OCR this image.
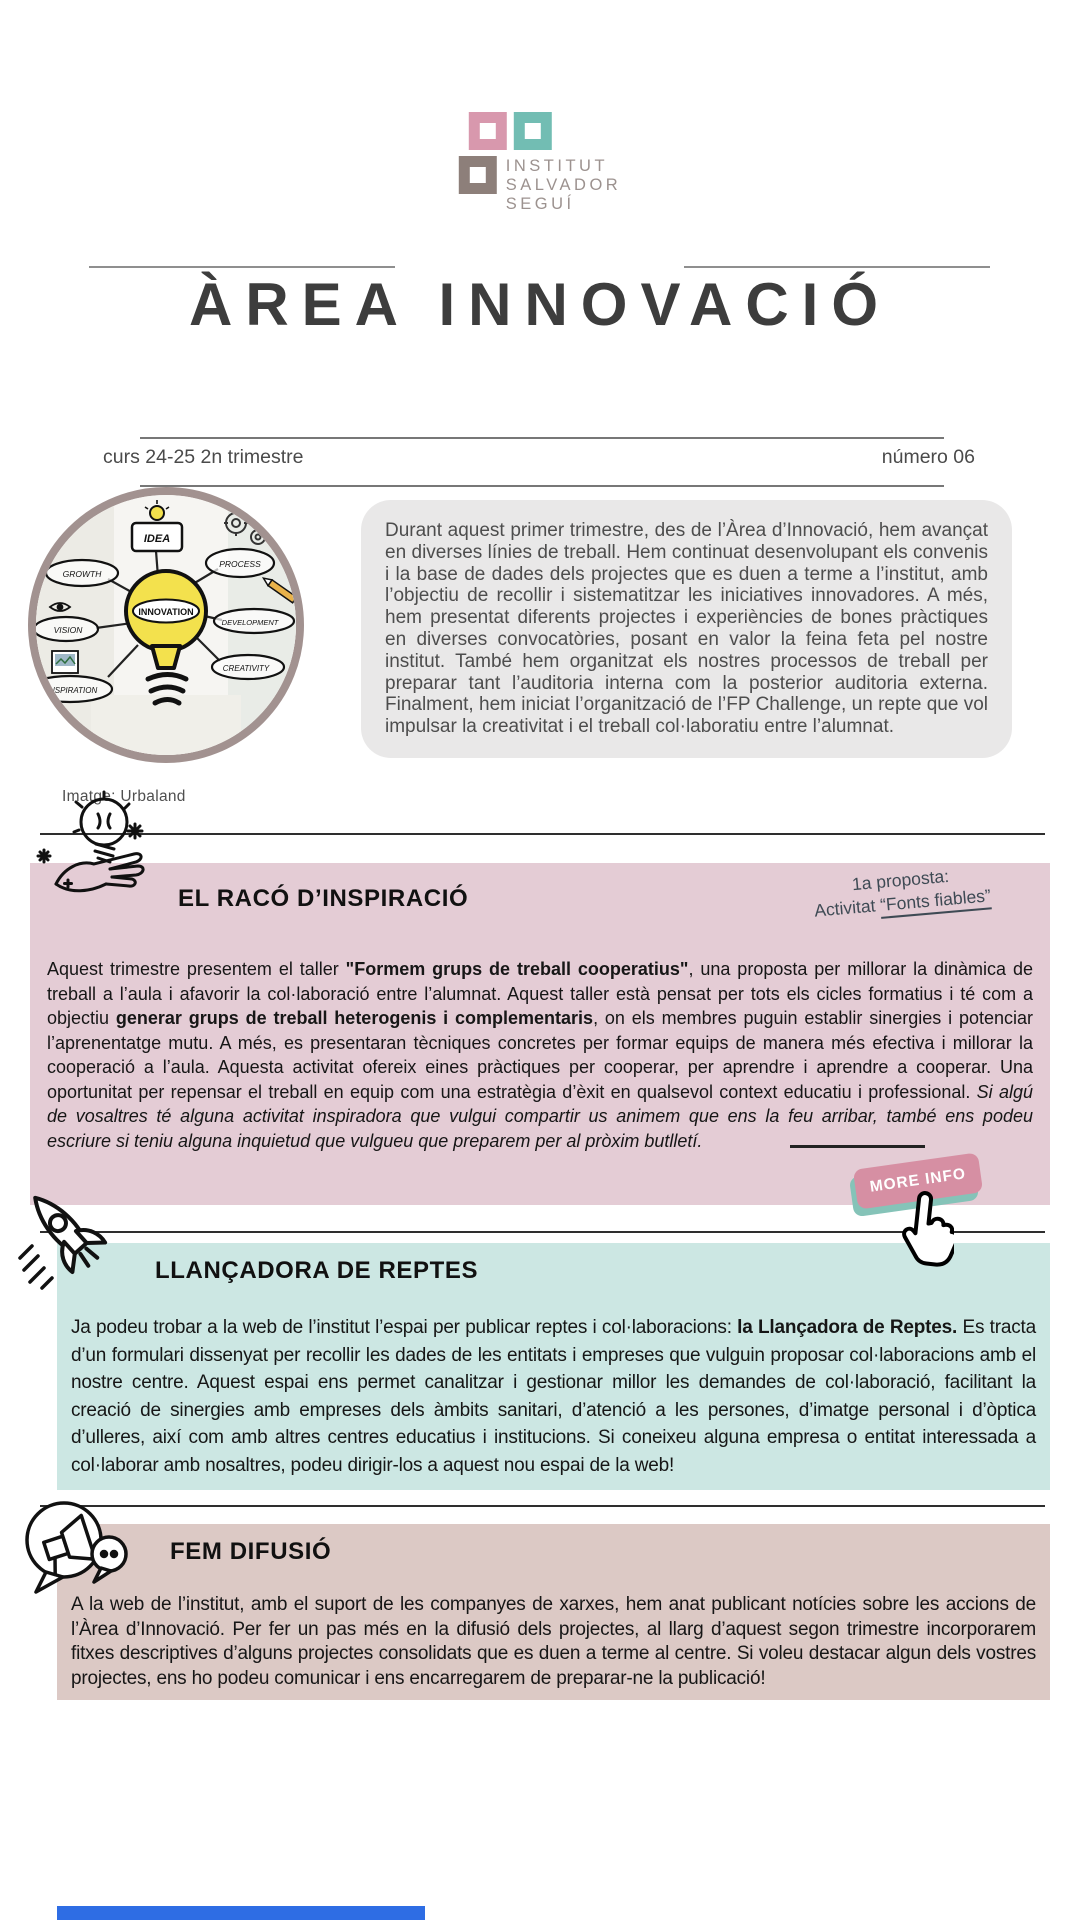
INSTITUT
SALVADOR
SEGUÍ
ÀREA INNOVACIÓ
curs 24-25 2n trimestre	número 06
INNOVATION
IDEA
GROWTH
PROCESS
VISION
DEVELOPMENT
CREATIVITY
INSPIRATION
Imatge: Urbaland
Durant aquest primer trimestre, des de l’Àrea d’Innovació, hem avançat en diverses línies de treball. Hem continuat desenvolupant els convenis i la base de dades dels projectes que es duen a terme a l’institut, amb l’objectiu de recollir i sistematitzar les iniciatives innovadores. A més, hem presentat diferents projectes i experiències de bones pràctiques en diverses convocatòries, posant en valor la feina feta pel nostre institut. També hem organitzat els nostres processos de treball per preparar tant l’auditoria interna com la posterior auditoria externa. Finalment, hem iniciat l’organització de l’FP Challenge, un repte que vol impulsar la creativitat i el treball col·laboratiu entre l’alumnat.
EL RACÓ D’INSPIRACIÓ
1a proposta:
Activitat “Fonts fiables”

Aquest trimestre presentem el taller "Formem grups de treball cooperatius", una proposta per millorar la dinàmica de treball a l’aula i afavorir la col·laboració entre l’alumnat. Aquest taller està pensat per tots els cicles formatius i té com a objectiu generar grups de treball heterogenis i complementaris, on els membres puguin establir sinergies i potenciar l’aprenentatge mutu. A més, es presentaran tècniques concretes per formar equips de manera més efectiva i millorar la cooperació a l’aula. Aquesta activitat ofereix eines pràctiques per cooperar, per aprendre i aprendre a cooperar. Una oportunitat per repensar el treball en equip com una estratègia d’èxit en qualsevol context educatiu i professional. Si algú de vosaltres té alguna activitat inspiradora que vulgui compartir us animem que ens la feu arribar, també ens podeu escriure si teniu alguna inquietud que vulgueu que preparem per al pròxim butlletí.

MORE INFO
LLANÇADORA DE REPTES

Ja podeu trobar a la web de l’institut l’espai per publicar reptes i col·laboracions: la Llançadora de Reptes. Es tracta d’un formulari dissenyat per recollir les dades de les entitats i empreses que vulguin proposar col·laboracions amb el nostre centre. Aquest espai ens permet canalitzar i gestionar millor les demandes de col·laboració, facilitant la creació de sinergies amb empreses dels àmbits sanitari, d’atenció a les persones, d’imatge personal i d’òptica d’ulleres, així com amb altres centres educatius i institucions. Si coneixeu alguna empresa o entitat interessada a col·laborar amb nosaltres, podeu dirigir-los a aquest nou espai de la web!

FEM DIFUSIÓ

A la web de l’institut, amb el suport de les companyes de xarxes, hem anat publicant notícies sobre les accions de l’Àrea d’Innovació. Per fer un pas més en la difusió dels projectes, al llarg d’aquest segon trimestre incorporarem fitxes descriptives d’alguns projectes consolidats que es duen a terme al centre. Si voleu destacar algun dels vostres projectes, ens ho podeu comunicar i ens encarregarem de preparar-ne la publicació!
